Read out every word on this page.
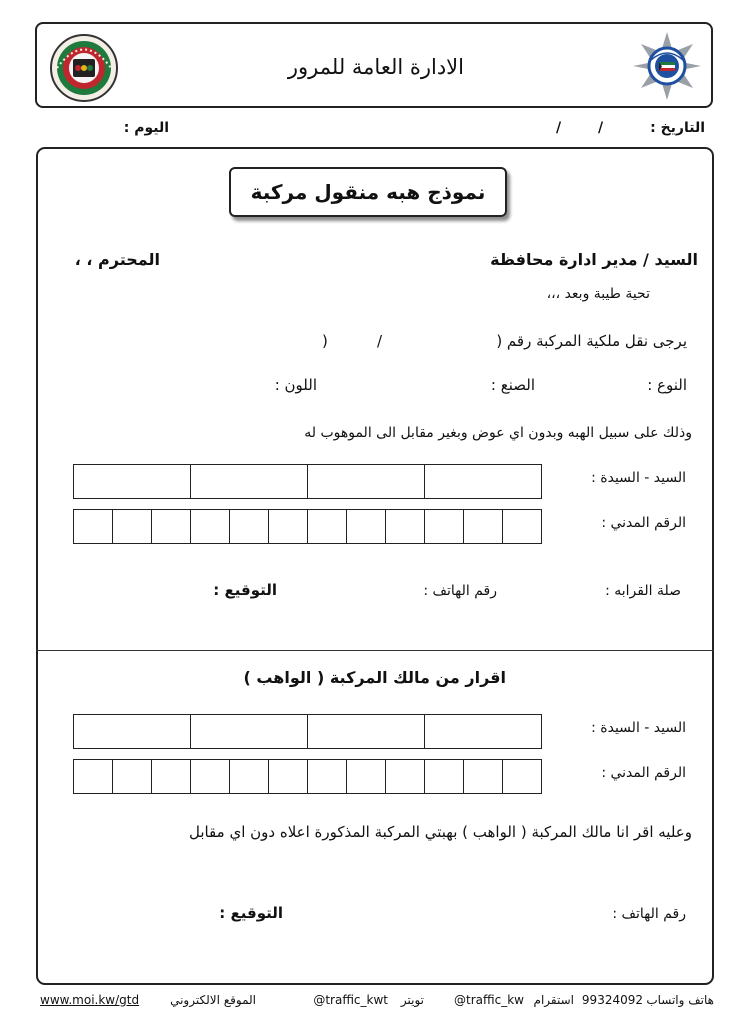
الادارة العامة للمرور
التاريخ :
/
/
اليوم :
نموذج هبه منقول مركبة
السيد / مدير ادارة محافظة
المحترم ، ،
تحية طيبة وبعد ،،،
يرجى نقل ملكية المركبة رقم (
/
)
النوع :
الصنع :
اللون :
وذلك على سبيل الهبه وبدون اي عوض وبغير مقابل الى الموهوب له
السيد - السيدة :
الرقم المدني :
صلة القرابه :
رقم الهاتف :
التوقيع :
اقرار من مالك المركبة ( الواهب )
السيد - السيدة :
الرقم المدني :
وعليه اقر انا مالك المركبة ( الواهب ) بهبتي المركبة المذكورة اعلاه دون اي مقابل
رقم الهاتف :
التوقيع :
هاتف واتساب
99324092
استقرام
@traffic_kw
تويتر
@traffic_kwt
الموقع الالكتروني
www.moi.kw/gtd
